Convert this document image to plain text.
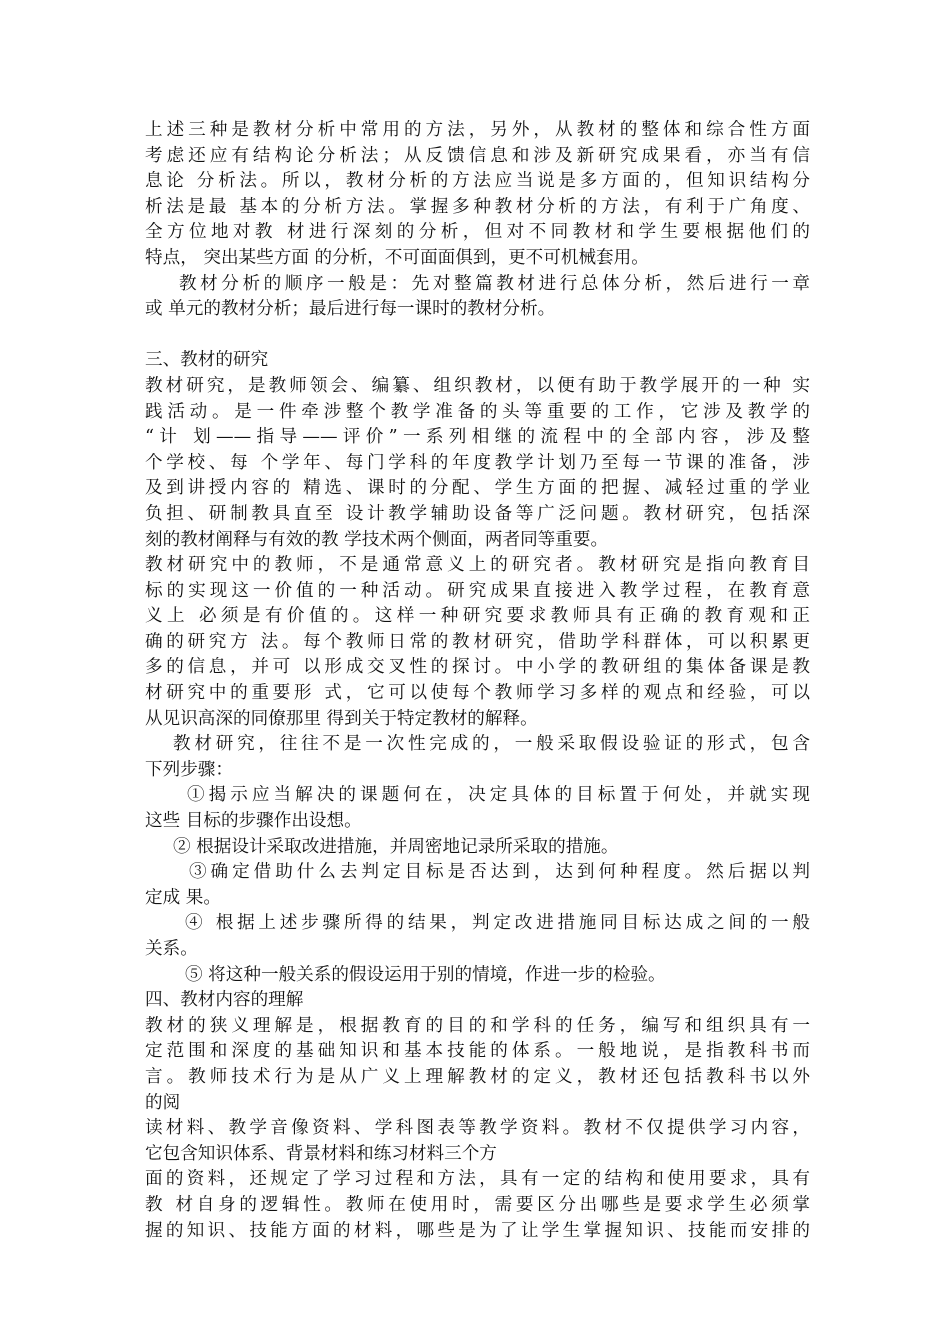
上述三种是教材分析中常用的方法，另外，从教材的整体和综合性方面
考虑还应有结构论分析法；从反馈信息和涉及新研究成果看，亦当有信
息论 分析法。所以，教材分析的方法应当说是多方面的，但知识结构分
析法是最 基本的分析方法。掌握多种教材分析的方法，有利于广角度、
全方位地对教 材进行深刻的分析，但对不同教材和学生要根据他们的
特点， 突出某些方面 的分析，不可面面俱到，更不可机械套用。
教材分析的顺序一般是：先对整篇教材进行总体分析，然后进行一章
或 单元的教材分析；最后进行每一课时的教材分析。
三、教材的研究
教材研究，是教师领会、编纂、组织教材，以便有助于教学展开的一种 实
践活动。是一件牵涉整个教学准备的头等重要的工作，它涉及教学的
“计 划——指导——评价”一系列相继的流程中的全部内容，涉及整
个学校、每 个学年、每门学科的年度教学计划乃至每一节课的准备，涉
及到讲授内容的 精选、课时的分配、学生方面的把握、减轻过重的学业
负担、研制教具直至 设计教学辅助设备等广泛问题。教材研究，包括深
刻的教材阐释与有效的教 学技术两个侧面，两者同等重要。
教材研究中的教师，不是通常意义上的研究者。教材研究是指向教育目
标的实现这一价值的一种活动。研究成果直接进入教学过程，在教育意
义上 必须是有价值的。这样一种研究要求教师具有正确的教育观和正
确的研究方 法。每个教师日常的教材研究，借助学科群体，可以积累更
多的信息，并可 以形成交叉性的探讨。中小学的教研组的集体备课是教
材研究中的重要形 式，它可以使每个教师学习多样的观点和经验，可以
从见识高深的同僚那里 得到关于特定教材的解释。
教材研究，往往不是一次性完成的，一般采取假设验证的形式，包含
下列步骤：
①揭示应当解决的课题何在，决定具体的目标置于何处，并就实现
这些 目标的步骤作出设想。
② 根据设计采取改进措施，并周密地记录所采取的措施。
③确定借助什么去判定目标是否达到，达到何种程度。然后据以判
定成 果。
④ 根据上述步骤所得的结果，判定改进措施同目标达成之间的一般
关系。
⑤ 将这种一般关系的假设运用于别的情境，作进一步的检验。
四、教材内容的理解
教材的狭义理解是，根据教育的目的和学科的任务，编写和组织具有一
定范围和深度的基础知识和基本技能的体系。一般地说，是指教科书而
言。教师技术行为是从广义上理解教材的定义，教材还包括教科书以外
的阅
读材料、教学音像资料、学科图表等教学资料。教材不仅提供学习内容，
它包含知识体系、背景材料和练习材料三个方
面的资料，还规定了学习过程和方法，具有一定的结构和使用要求，具有
教 材自身的逻辑性。教师在使用时，需要区分出哪些是要求学生必须掌
握的知识、技能方面的材料，哪些是为了让学生掌握知识、技能而安排的
